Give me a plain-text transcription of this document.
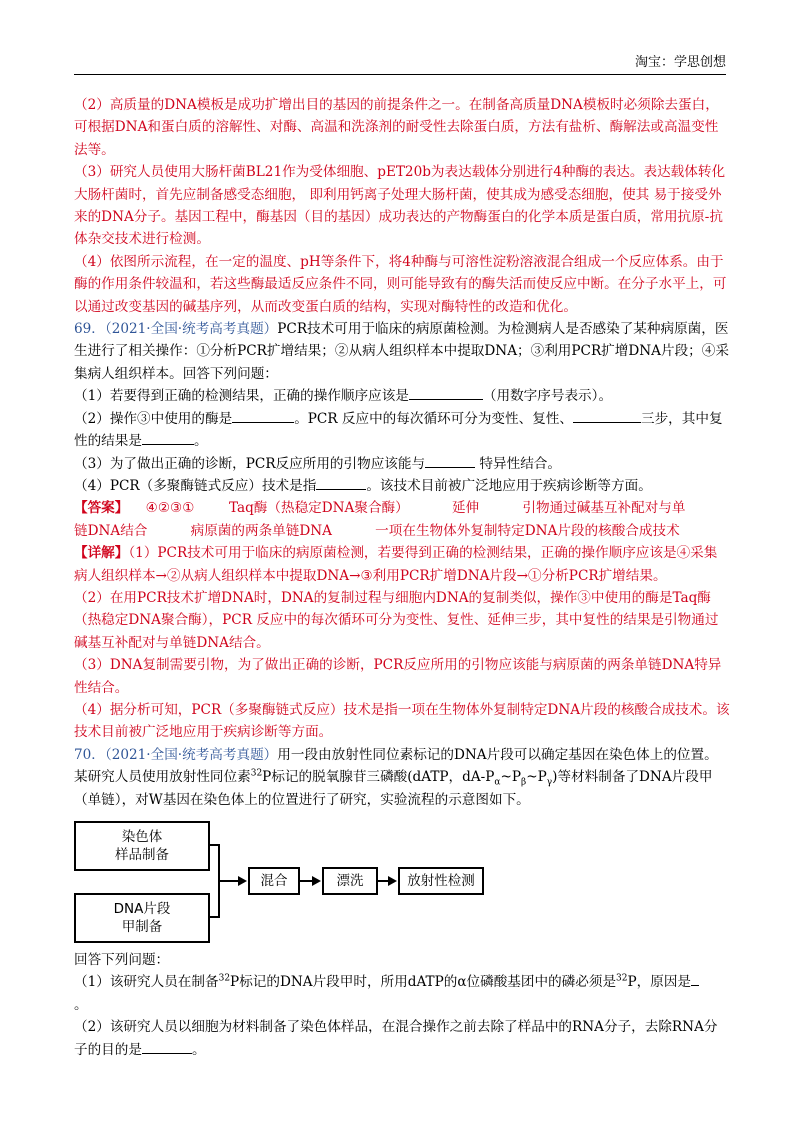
淘宝：学思创想

（2）高质量的DNA模板是成功扩增出目的基因的前提条件之一。在制备高质量DNA模板时必须除去蛋白，可根据DNA和蛋白质的溶解性、对酶、高温和洗涤剂的耐受性去除蛋白质，方法有盐析、酶解法或高温变性法等。

（3）研究人员使用大肠杆菌BL21作为受体细胞、pET20b为表达载体分别进行4种酶的表达。表达载体转化大肠杆菌时，首先应制备感受态细胞， 即利用钙离子处理大肠杆菌，使其成为感受态细胞，使其 易于接受外来的DNA分子。基因工程中，酶基因（目的基因）成功表达的产物酶蛋白的化学本质是蛋白质，常用抗原-抗体杂交技术进行检测。

（4）依图所示流程，在一定的温度、pH等条件下，将4种酶与可溶性淀粉溶液混合组成一个反应体系。由于酶的作用条件较温和，若这些酶最适反应条件不同，则可能导致有的酶失活而使反应中断。在分子水平上，可以通过改变基因的碱基序列，从而改变蛋白质的结构，实现对酶特性的改造和优化。

69．（2021·全国·统考高考真题）PCR技术可用于临床的病原菌检测。为检测病人是否感染了某种病原菌，医生进行了相关操作：①分析PCR扩增结果；②从病人组织样本中提取DNA；③利用PCR扩增DNA片段；④采集病人组织样本。回答下列问题：

（1）若要得到正确的检测结果，正确的操作顺序应该是	（用数字序号表示）。

（2）操作③中使用的酶是	。PCR 反应中的每次循环可分为变性、复性、	三步，其中复性的结果是	。

（3）为了做出正确的诊断，PCR反应所用的引物应该能与	特异性结合。

（4）PCR（多聚酶链式反应）技术是指	。该技术目前被广泛地应用于疾病诊断等方面。

【答案】    ④②③①        Taq酶（热稳定DNA聚合酶）          延伸          引物通过碱基互补配对与单

链DNA结合          病原菌的两条单链DNA          一项在生物体外复制特定DNA片段的核酸合成技术

【详解】（1）PCR技术可用于临床的病原菌检测，若要得到正确的检测结果，正确的操作顺序应该是④采集病人组织样本→②从病人组织样本中提取DNA→③利用PCR扩增DNA片段→①分析PCR扩增结果。

（2）在用PCR技术扩增DNA时，DNA的复制过程与细胞内DNA的复制类似，操作③中使用的酶是Taq酶（热稳定DNA聚合酶），PCR 反应中的每次循环可分为变性、复性、延伸三步，其中复性的结果是引物通过碱基互补配对与单链DNA结合。

（3）DNA复制需要引物，为了做出正确的诊断，PCR反应所用的引物应该能与病原菌的两条单链DNA特异性结合。

（4）据分析可知，PCR（多聚酶链式反应）技术是指一项在生物体外复制特定DNA片段的核酸合成技术。该技术目前被广泛地应用于疾病诊断等方面。

70．（2021·全国·统考高考真题）用一段由放射性同位素标记的DNA片段可以确定基因在染色体上的位置。某研究人员使用放射性同位素$^{32}$P标记的脱氧腺苷三磷酸(dATP，$dA-P_\alpha\sim P_\beta\sim P_\gamma$)等材料制备了DNA片段甲（单链），对W基因在染色体上的位置进行了研究，实验流程的示意图如下。

染色体
样品制备
DNA片段
甲制备
混合	漂洗	放射性检测

回答下列问题：

（1）该研究人员在制备$^{32}$P标记的DNA片段甲时，所用dATP的α位磷酸基团中的磷必须是$^{32}$P，原因是
。

（2）该研究人员以细胞为材料制备了染色体样品，在混合操作之前去除了样品中的RNA分子，去除RNA分子的目的是	。
